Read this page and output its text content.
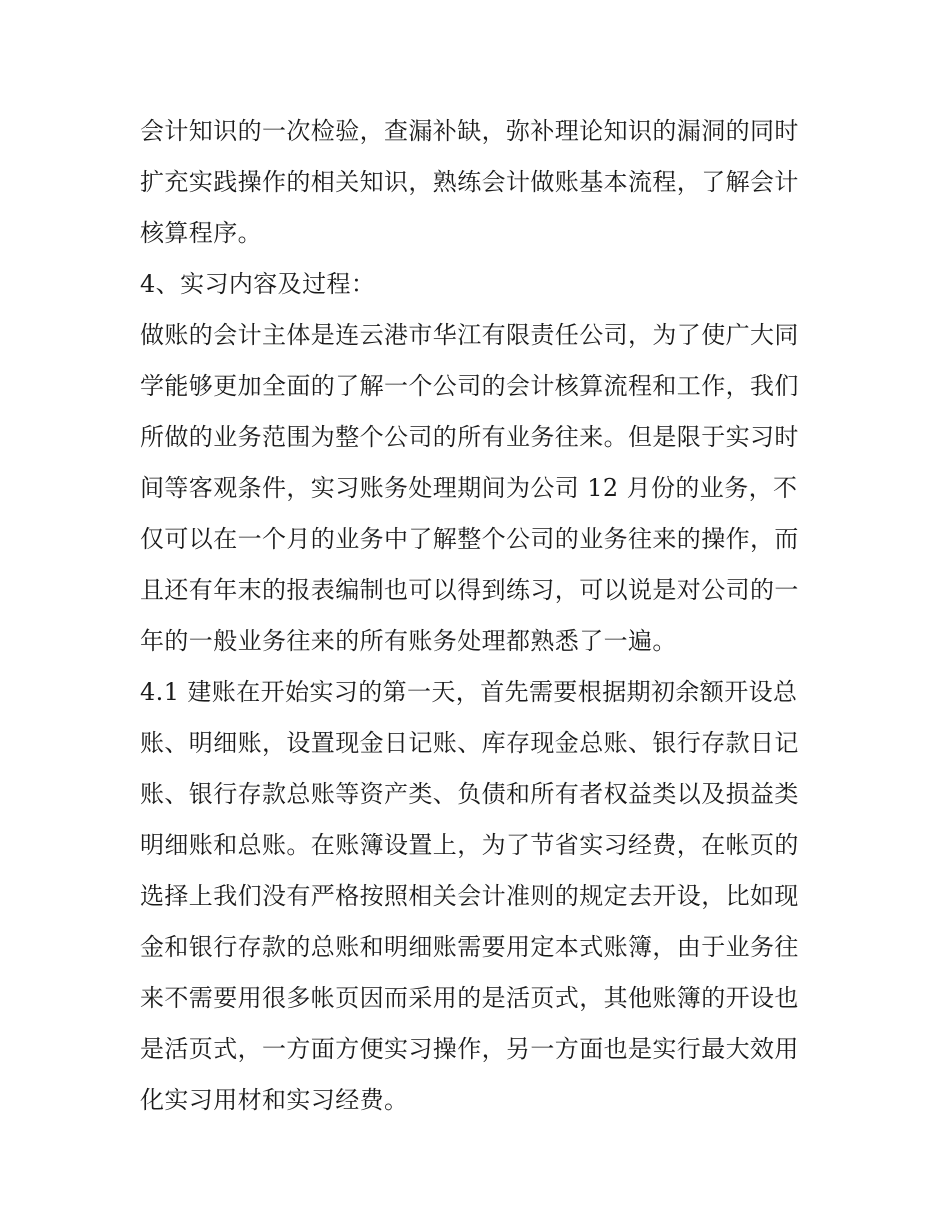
会计知识的一次检验，查漏补缺，弥补理论知识的漏洞的同时
扩充实践操作的相关知识，熟练会计做账基本流程，了解会计
核算程序。
4、实习内容及过程：
做账的会计主体是连云港市华江有限责任公司，为了使广大同
学能够更加全面的了解一个公司的会计核算流程和工作，我们
所做的业务范围为整个公司的所有业务往来。但是限于实习时
间等客观条件，实习账务处理期间为公司 12 月份的业务，不
仅可以在一个月的业务中了解整个公司的业务往来的操作，而
且还有年末的报表编制也可以得到练习，可以说是对公司的一
年的一般业务往来的所有账务处理都熟悉了一遍。
4.1 建账在开始实习的第一天，首先需要根据期初余额开设总
账、明细账，设置现金日记账、库存现金总账、银行存款日记
账、银行存款总账等资产类、负债和所有者权益类以及损益类
明细账和总账。在账簿设置上，为了节省实习经费，在帐页的
选择上我们没有严格按照相关会计准则的规定去开设，比如现
金和银行存款的总账和明细账需要用定本式账簿，由于业务往
来不需要用很多帐页因而采用的是活页式，其他账簿的开设也
是活页式，一方面方便实习操作，另一方面也是实行最大效用
化实习用材和实习经费。
